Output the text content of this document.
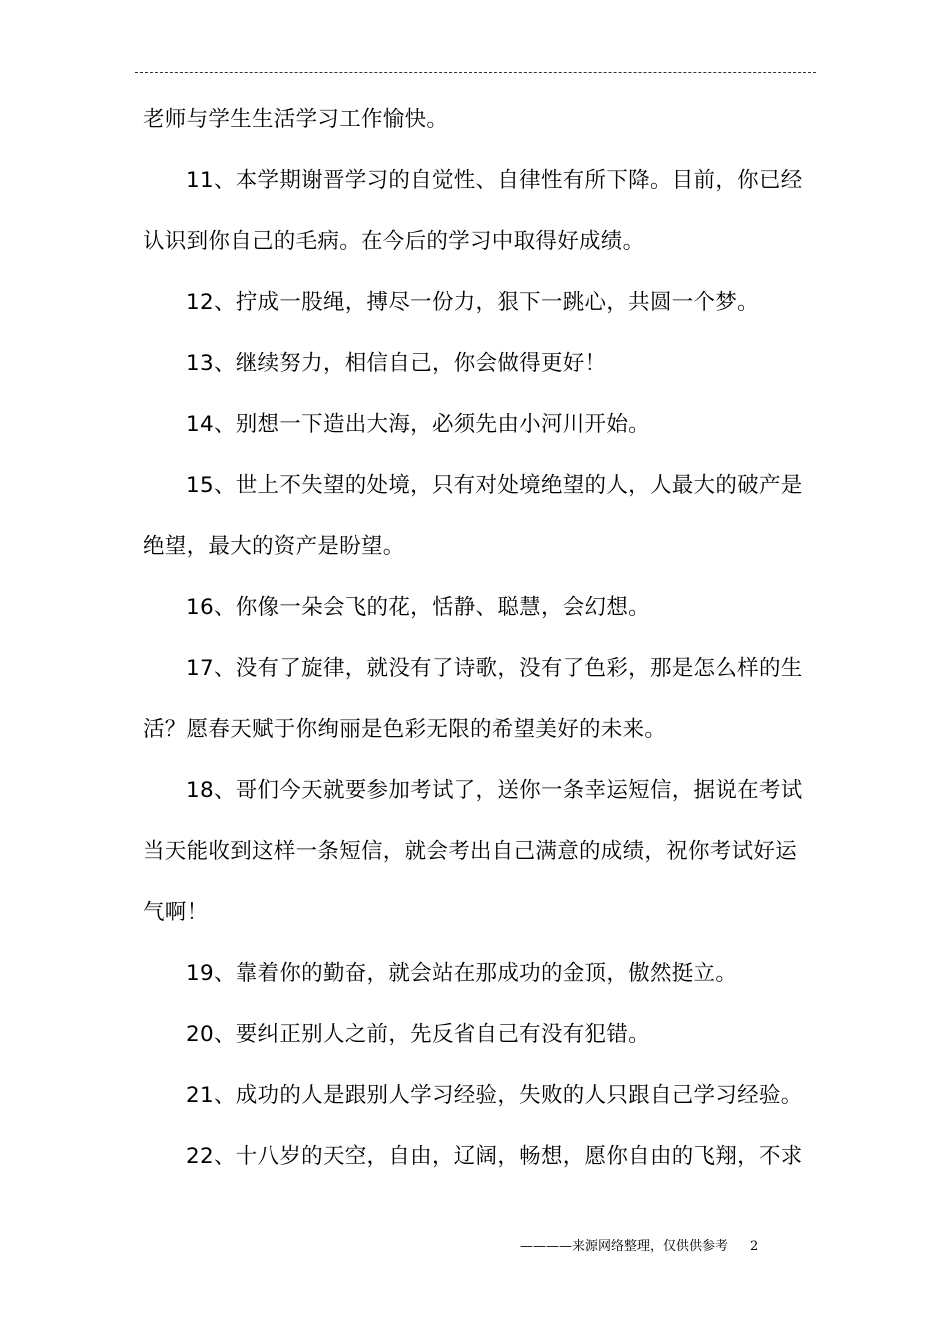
老师与学生生活学习工作愉快。
11、本学期谢晋学习的自觉性、自律性有所下降。目前，你已经
认识到你自己的毛病。在今后的学习中取得好成绩。
12、拧成一股绳，搏尽一份力，狠下一跳心，共圆一个梦。
13、继续努力，相信自己，你会做得更好！
14、别想一下造出大海，必须先由小河川开始。
15、世上不失望的处境，只有对处境绝望的人，人最大的破产是
绝望，最大的资产是盼望。
16、你像一朵会飞的花，恬静、聪慧，会幻想。
17、没有了旋律，就没有了诗歌，没有了色彩，那是怎么样的生
活？愿春天赋于你绚丽是色彩无限的希望美好的未来。
18、哥们今天就要参加考试了，送你一条幸运短信，据说在考试
当天能收到这样一条短信，就会考出自己满意的成绩，祝你考试好运
气啊！
19、靠着你的勤奋，就会站在那成功的金顶，傲然挺立。
20、要纠正别人之前，先反省自己有没有犯错。
21、成功的人是跟别人学习经验，失败的人只跟自己学习经验。
22、十八岁的天空，自由，辽阔，畅想，愿你自由的飞翔，不求
————来源网络整理，仅供供参考 2
